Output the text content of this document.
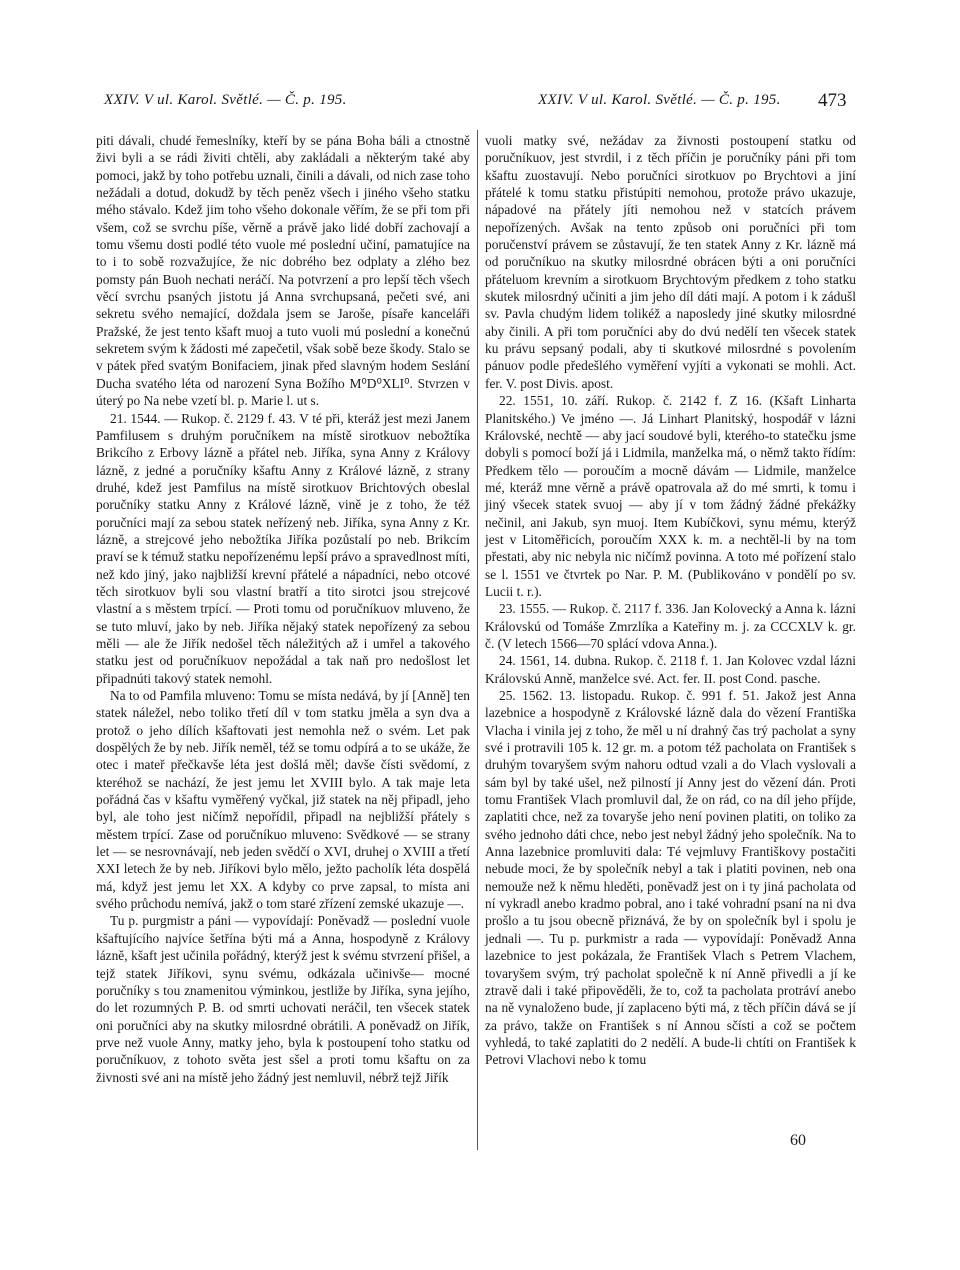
XXIV. V ul. Karol. Světlé. — Č. p. 195.	XXIV. V ul. Karol. Světlé. — Č. p. 195. 473

piti dávali, chudé řemeslníky, kteří by se pána Boha báli a ctnostně živi byli a se rádi živiti chtěli, aby zakládali a některým také aby pomoci, jakž by toho potřebu uznali, činili a dávali, od nich zase toho nežádali a dotud, dokudž by těch peněz všech i jiného všeho statku mého stávalo. Kdež jim toho všeho dokonale věřím, že se při tom při všem, což se svrchu píše, věrně a právě jako lidé dobří zachovají a tomu všemu dosti podlé této vuole mé poslední učiní, pamatujíce na to i to sobě rozvažujíce, že nic dobrého bez odplaty a zlého bez pomsty pán Buoh nechati neráčí. Na potvrzení a pro lepší těch všech věcí svrchu psaných jistotu já Anna svrchupsaná, pečeti své, ani sekretu svého nemající, doždala jsem se Jaroše, písaře kanceláři Pražské, že jest tento kšaft muoj a tuto vuoli mú poslední a konečnú sekretem svým k žádosti mé zapečetil, však sobě beze škody. Stalo se v pátek před svatým Bonifaciem, jinak před slavným hodem Seslání Ducha svatého léta od narození Syna Božího M⁰D⁰XLI⁰. Stvrzen v úterý po Na nebe vzetí bl. p. Marie l. ut s.

21. 1544. — Rukop. č. 2129 f. 43. V té při, kteráž jest mezi Janem Pamfilusem s druhým poručníkem na místě sirotkuov nebožtíka Brikcího z Erbovy lázně a přátel neb. Jiříka, syna Anny z Královy lázně, z jedné a poručníky kšaftu Anny z Králové lázně, z strany druhé, kdež jest Pamfilus na místě sirotkuov Brichtových obeslal poručníky statku Anny z Králové lázně, vině je z toho, že též poručníci mají za sebou statek neřízený neb. Jiříka, syna Anny z Kr. lázně, a strejcové jeho nebožtíka Jiříka pozůstalí po neb. Brikcím praví se k témuž statku nepořízenému lepší právo a spravedlnost míti, než kdo jiný, jako najbližší krevní přátelé a nápadníci, nebo otcové těch sirotkuov byli sou vlastní bratří a tito sirotci jsou strejcové vlastní a s městem trpící. — Proti tomu od poručníkuov mluveno, že se tuto mluví, jako by neb. Jiříka nějaký statek nepořízený za sebou měli — ale že Jiřík nedošel těch náležitých až i umřel a takového statku jest od poručníkuov nepožádal a tak naň pro nedošlost let připadnúti takový statek nemohl.

Na to od Pamfila mluveno: Tomu se místa nedává, by jí [Anně] ten statek náležel, nebo toliko třetí díl v tom statku jměla a syn dva a protož o jeho dílích kšaftovati jest nemohla než o svém. Let pak dospělých že by neb. Jiřík neměl, též se tomu odpírá a to se ukáže, že otec i mateř přečkavše léta jest došlá měl; davše čísti svědomí, z kteréhož se nachází, že jest jemu let XVIII bylo. A tak maje leta pořádná čas v kšaftu vyměřený vyčkal, již statek na něj připadl, jeho byl, ale toho jest ničímž nepořídil, připadl na nejbližší přátely s městem trpící. Zase od poručníkuo mluveno: Svědkové — se strany let — se nesrovnávají, neb jeden svědčí o XVI, druhej o XVIII a třetí XXI letech že by neb. Jiříkovi bylo mělo, ježto pacholík léta dospělá má, když jest jemu let XX. A kdyby co prve zapsal, to místa ani svého průchodu nemívá, jakž o tom staré zřízení zemské ukazuje —.

Tu p. purgmistr a páni — vypovídají: Poněvadž — poslední vuole kšaftujícího najvíce šetřína býti má a Anna, hospodyně z Královy lázně, kšaft jest učinila pořádný, kterýž jest k svému stvrzení přišel, a tejž statek Jiříkovi, synu svému, odkázala učinivše— mocné poručníky s tou znamenitou výminkou, jestliže by Jiříka, syna jejího, do let rozumných P. B. od smrti uchovati neráčil, ten všecek statek oni poručníci aby na skutky milosrdné obrátili. A poněvadž on Jiřík, prve než vuole Anny, matky jeho, byla k postoupení toho statku od poručníkuov, z tohoto světa jest sšel a proti tomu kšaftu on za živnosti své ani na místě jeho žádný jest nemluvil, nébrž tejž Jiřík

vuoli matky své, nežádav za živnosti postoupení statku od poručníkuov, jest stvrdil, i z těch příčin je poručníky páni při tom kšaftu zuostavují. Nebo poručníci sirotkuov po Brychtovi a jiní přátelé k tomu statku přistúpiti nemohou, protože právo ukazuje, nápadové na přátely jíti nemohou než v statcích právem nepořízených. Avšak na tento způsob oni poručníci při tom poručenství právem se zůstavují, že ten statek Anny z Kr. lázně má od poručníkuo na skutky milosrdné obrácen býti a oni poručníci přáteluom krevním a sirotkuom Brychtovým předkem z toho statku skutek milosrdný učiniti a jim jeho díl dáti mají. A potom i k zádušl sv. Pavla chudým lidem tolikéž a naposledy jiné skutky milosrdné aby činili. A při tom poručníci aby do dvú nedělí ten všecek statek ku právu sepsaný podali, aby ti skutkové milosrdné s povolením pánuov podle předešlého vyměření vyjíti a vykonati se mohli. Act. fer. V. post Divis. apost.

22. 1551, 10. září. Rukop. č. 2142 f. Z 16. (Kšaft Linharta Planitského.) Ve jméno —. Já Linhart Planitský, hospodář v lázni Královské, nechtě — aby jací soudové byli, kterého-to statečku jsme dobyli s pomocí boží já i Lidmila, manželka má, o němž takto řídím: Předkem tělo — poroučím a mocně dávám — Lidmile, manželce mé, kteráž mne věrně a právě opatrovala až do mé smrti, k tomu i jiný všecek statek svuoj — aby jí v tom žádný žádné překážky nečinil, ani Jakub, syn muoj. Item Kubíčkovi, synu mému, kterýž jest v Litoměřicích, poroučím XXX k. m. a nechtěl-li by na tom přestati, aby nic nebyla nic ničímž povinna. A toto mé pořízení stalo se l. 1551 ve čtvrtek po Nar. P. M. (Publikováno v pondělí po sv. Lucii t. r.).

23. 1555. — Rukop. č. 2117 f. 336. Jan Kolovecký a Anna k. lázni Královskú od Tomáše Zmrzlíka a Kateřiny m. j. za CCCXLV k. gr. č. (V letech 1566—70 splácí vdova Anna.).

24. 1561, 14. dubna. Rukop. č. 2118 f. 1. Jan Kolovec vzdal lázni Královskú Anně, manželce své. Act. fer. II. post Cond. pasche.

25. 1562. 13. listopadu. Rukop. č. 991 f. 51. Jakož jest Anna lazebnice a hospodyně z Královské lázně dala do vězení Františka Vlacha i vinila jej z toho, že měl u ní drahný čas trý pacholat a syny své i protravili 105 k. 12 gr. m. a potom též pacholata on František s druhým tovaryšem svým nahoru odtud vzali a do Vlach vyslovali a sám byl by také ušel, než pilností jí Anny jest do vězení dán. Proti tomu František Vlach promluvil dal, že on rád, co na díl jeho příjde, zaplatiti chce, než za tovaryše jeho není povinen platiti, on toliko za svého jednoho dáti chce, nebo jest nebyl žádný jeho společník. Na to Anna lazebnice promluviti dala: Té vejmluvy Františkovy postačiti nebude moci, že by společník nebyl a tak i platiti povinen, neb ona nemouže než k němu hleděti, poněvadž jest on i ty jiná pacholata od ní vykradl anebo kradmo pobral, ano i také vohradní psaní na ni dva prošlo a tu jsou obecně přiznává, že by on společník byl i spolu je jednali —. Tu p. purkmistr a rada — vypovídají: Poněvadž Anna lazebnice to jest pokázala, že František Vlach s Petrem Vlachem, tovaryšem svým, trý pacholat společně k ní Anně přivedli a jí ke ztravě dali i také připověděli, že to, což ta pacholata protráví anebo na ně vynaloženo bude, jí zaplaceno býti má, z těch příčin dává se jí za právo, takže on František s ní Annou sčísti a což se počtem vyhledá, to také zaplatiti do 2 nedělí. A bude-li chtíti on František k Petrovi Vlachovi nebo k tomu

60
